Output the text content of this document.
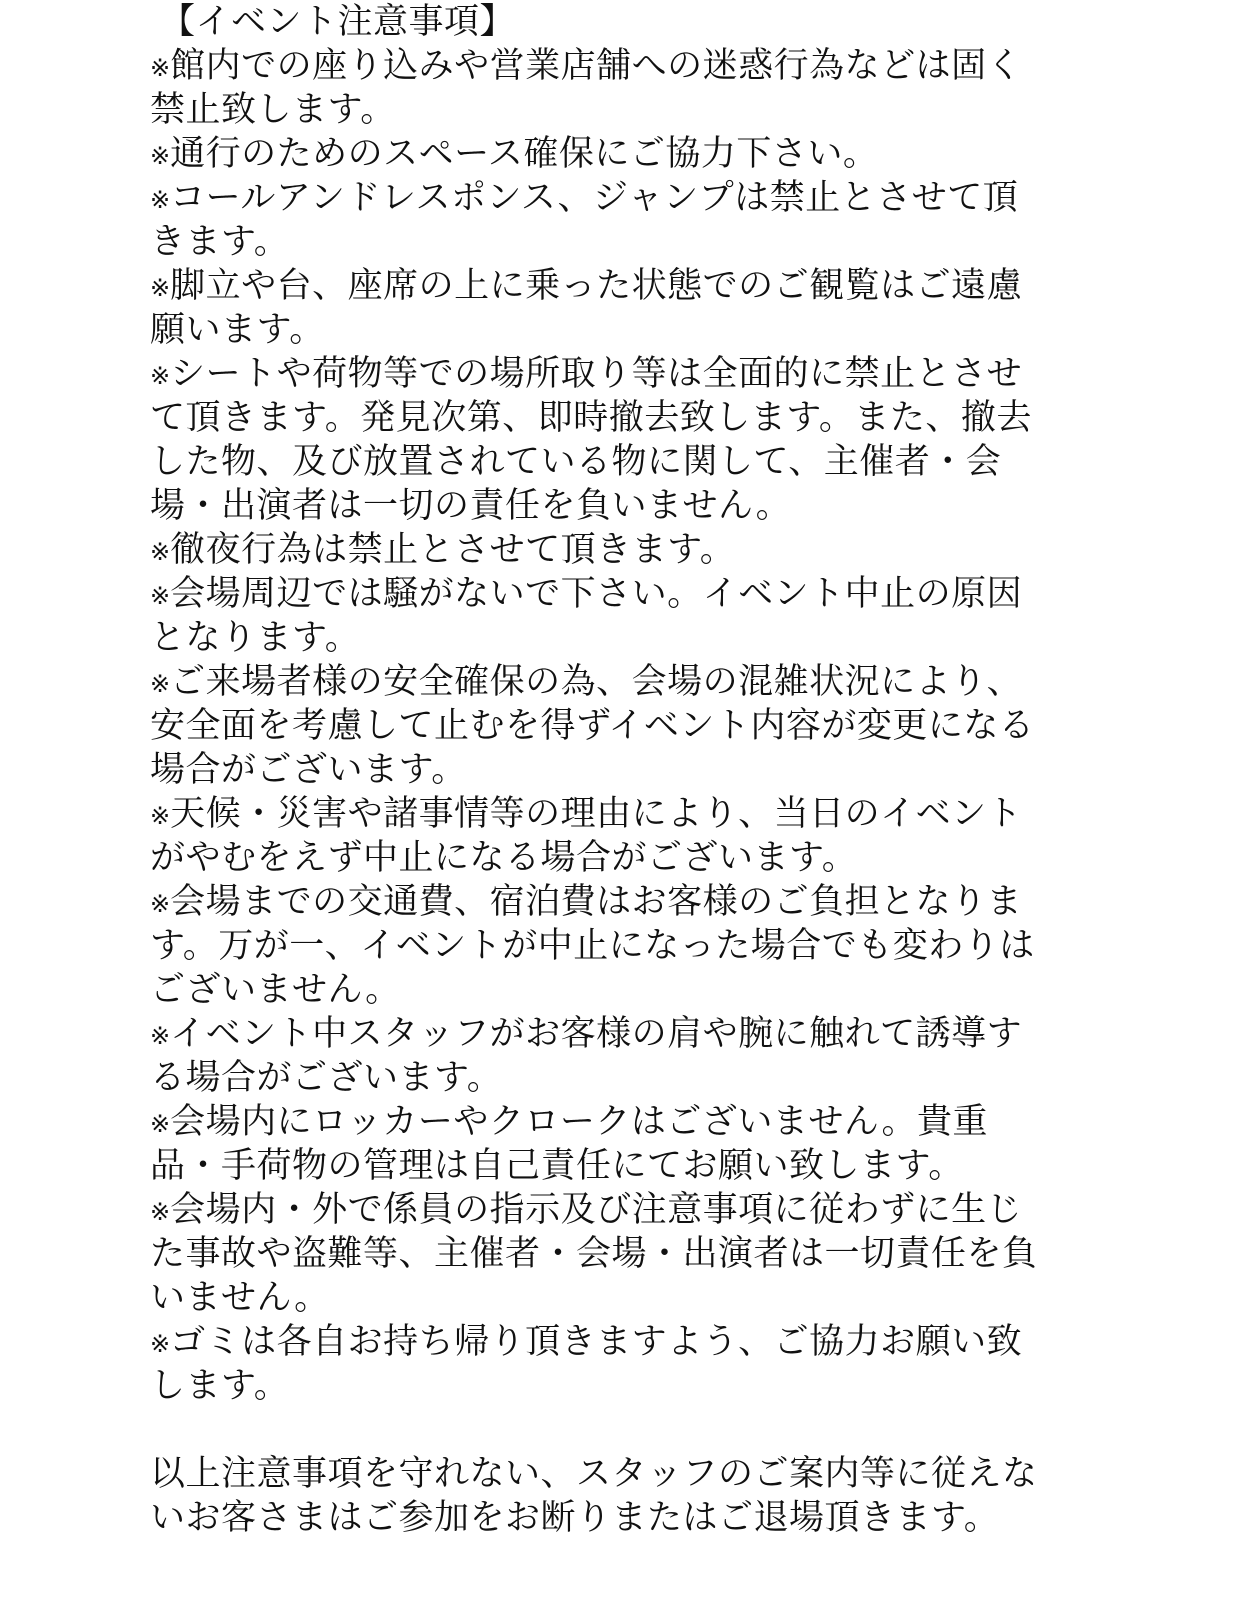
【イベント注意事項】
※館内での座り込みや営業店舗への迷惑行為などは固く
禁止致します。
※通行のためのスペース確保にご協力下さい。
※コールアンドレスポンス、ジャンプは禁止とさせて頂
きます。
※脚立や台、座席の上に乗った状態でのご観覧はご遠慮
願います。
※シートや荷物等での場所取り等は全面的に禁止とさせ
て頂きます。発見次第、即時撤去致します。また、撤去
した物、及び放置されている物に関して、主催者・会
場・出演者は一切の責任を負いません。
※徹夜行為は禁止とさせて頂きます。
※会場周辺では騒がないで下さい。イベント中止の原因
となります。
※ご来場者様の安全確保の為、会場の混雑状況により、
安全面を考慮して止むを得ずイベント内容が変更になる
場合がございます。
※天候・災害や諸事情等の理由により、当日のイベント
がやむをえず中止になる場合がございます。
※会場までの交通費、宿泊費はお客様のご負担となりま
す。万が一、イベントが中止になった場合でも変わりは
ございません。
※イベント中スタッフがお客様の肩や腕に触れて誘導す
る場合がございます。
※会場内にロッカーやクロークはございません。貴重
品・手荷物の管理は自己責任にてお願い致します。
※会場内・外で係員の指示及び注意事項に従わずに生じ
た事故や盗難等、主催者・会場・出演者は一切責任を負
いません。
※ゴミは各自お持ち帰り頂きますよう、ご協力お願い致
します。
以上注意事項を守れない、スタッフのご案内等に従えな
いお客さまはご参加をお断りまたはご退場頂きます。
